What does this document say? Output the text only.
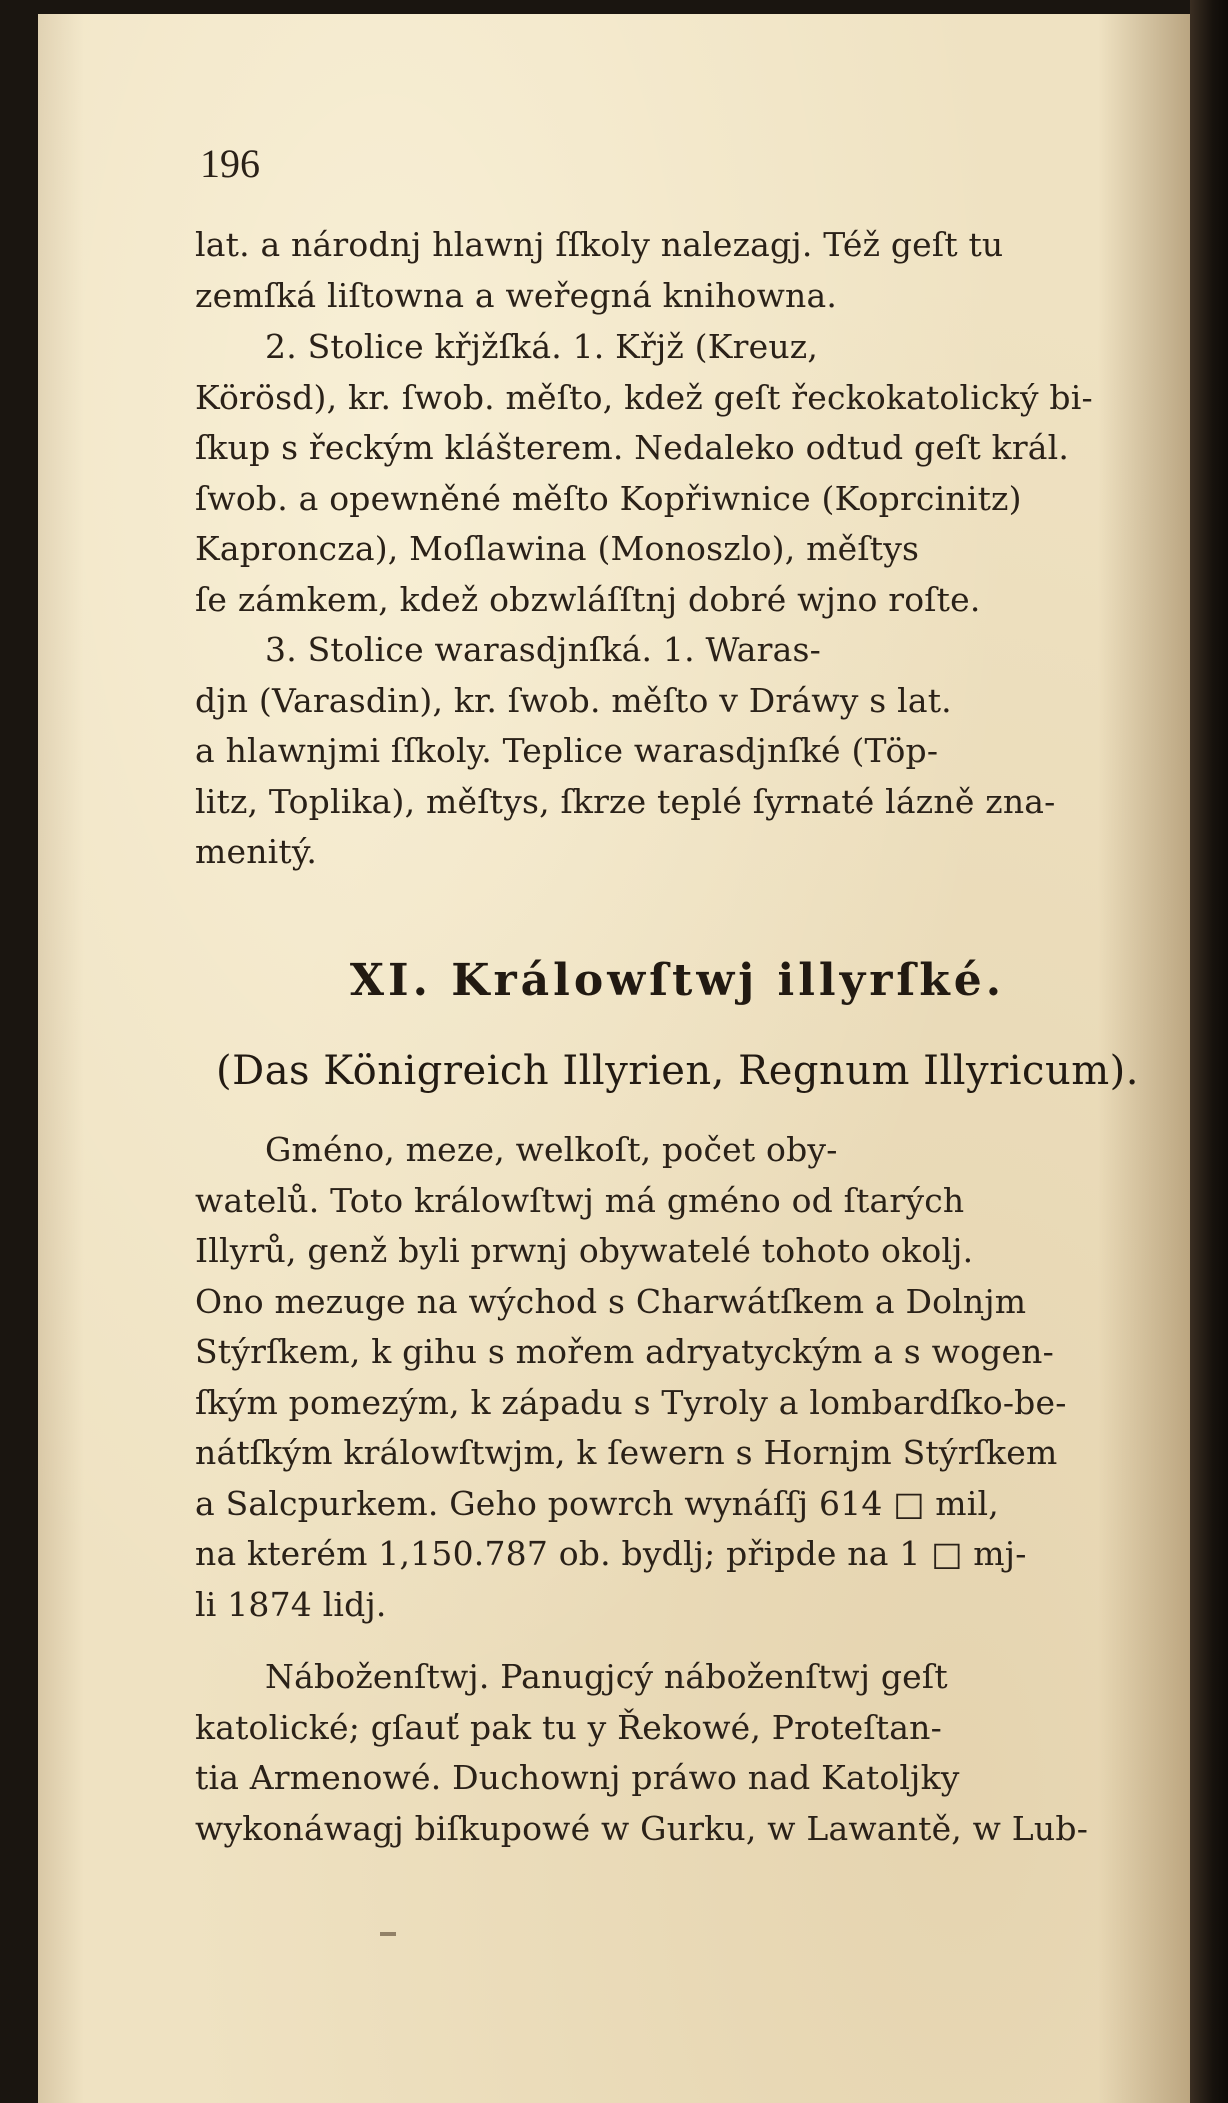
196
lat. a národnj hlawnj ſſkoly nalezagj. Též geſt tu
zemſká liſtowna a weřegná knihowna.
2. Stolice křjžſká. 1. Křjž (Kreuz,
Körösd), kr. ſwob. měſto, kdež geſt řeckokatolický bi-
ſkup s řeckým klášterem. Nedaleko odtud geſt král.
ſwob. a opewněné měſto Kopřiwnice (Koprcinitz)
Kaproncza), Moſlawina (Monoszlo), měſtys
ſe zámkem, kdež obzwláſſtnj dobré wjno roſte.
3. Stolice warasdjnſká. 1. Waras-
djn (Varasdin), kr. ſwob. měſto v Dráwy s lat.
a hlawnjmi ſſkoly. Teplice warasdjnſké (Töp-
litz, Toplika), měſtys, ſkrze teplé ſyrnaté lázně zna-
menitý.
XI. Králowſtwj illyrſké.
(Das Königreich Illyrien, Regnum Illyricum).
Gméno, meze, welkoſt, počet oby-
watelů. Toto králowſtwj má gméno od ſtarých
Illyrů, genž byli prwnj obywatelé tohoto okolj.
Ono mezuge na wýchod s Charwátſkem a Dolnjm
Stýrſkem, k gihu s mořem adryatyckým a s wogen-
ſkým pomezým, k západu s Tyroly a lombardſko-be-
nátſkým králowſtwjm, k ſewern s Hornjm Stýrſkem
a Salcpurkem. Geho powrch wynáſſj 614 □ mil,
na kterém 1,150.787 ob. bydlj; připde na 1 □ mj-
li 1874 lidj.
Náboženſtwj. Panugjcý náboženſtwj geſt
katolické; gſauť pak tu y Řekowé, Proteſtan-
tia Armenowé. Duchownj práwo nad Katolјky
wykonáwagj biſkupowé w Gurku, w Lawantě, w Lub-
